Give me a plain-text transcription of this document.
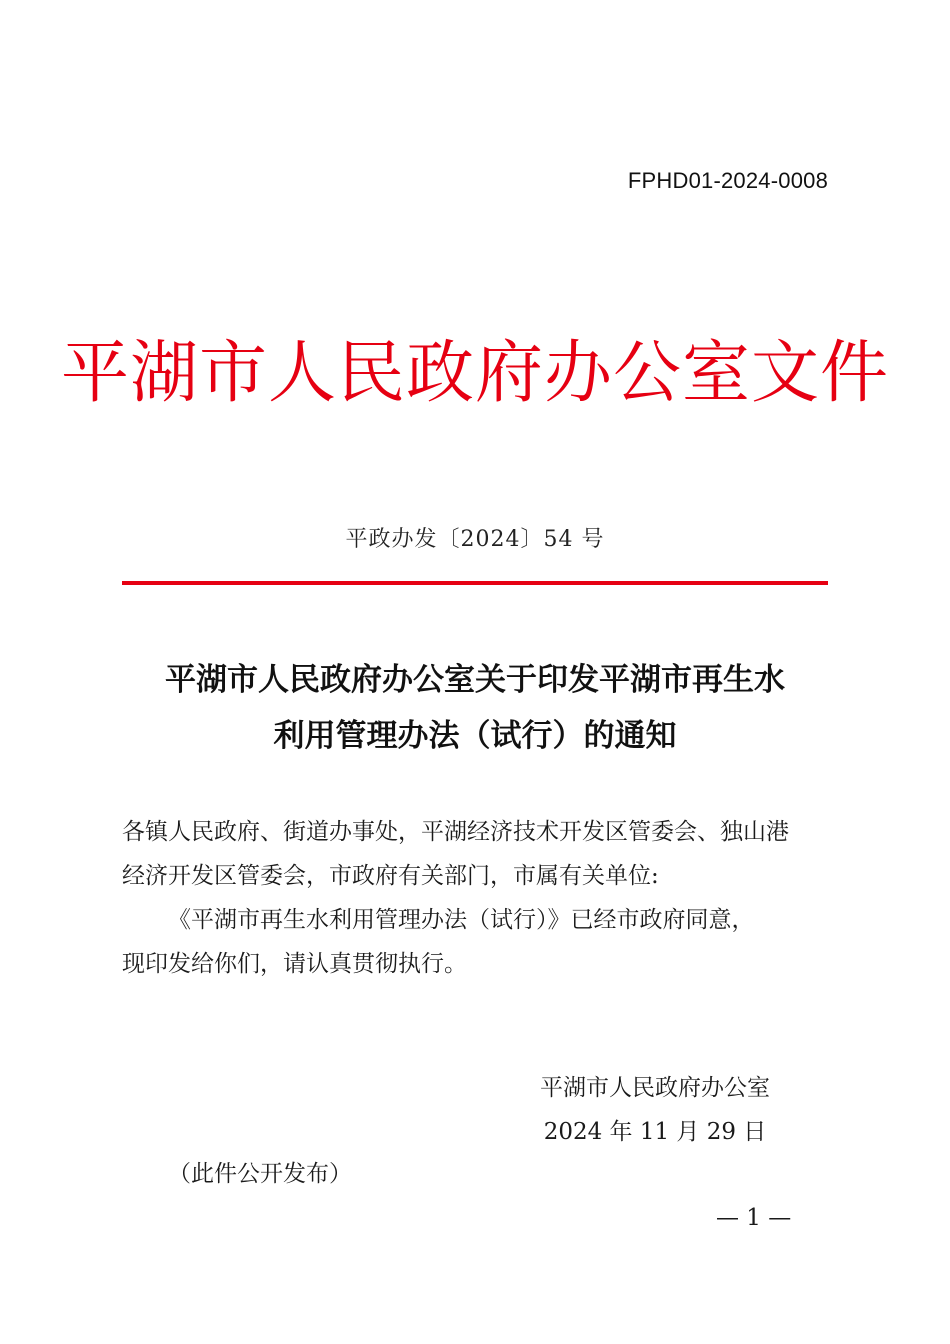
FPHD01-2024-0008
平湖市人民政府办公室文件
平政办发〔2024〕54 号
平湖市人民政府办公室关于印发平湖市再生水
利用管理办法（试行）的通知

各镇人民政府、街道办事处，平湖经济技术开发区管委会、独山港

经济开发区管委会，市政府有关部门，市属有关单位:

《平湖市再生水利用管理办法（试行）》已经市政府同意，

现印发给你们，请认真贯彻执行。

平湖市人民政府办公室
2024 年 11 月 29 日
（此件公开发布）
— 1 —
